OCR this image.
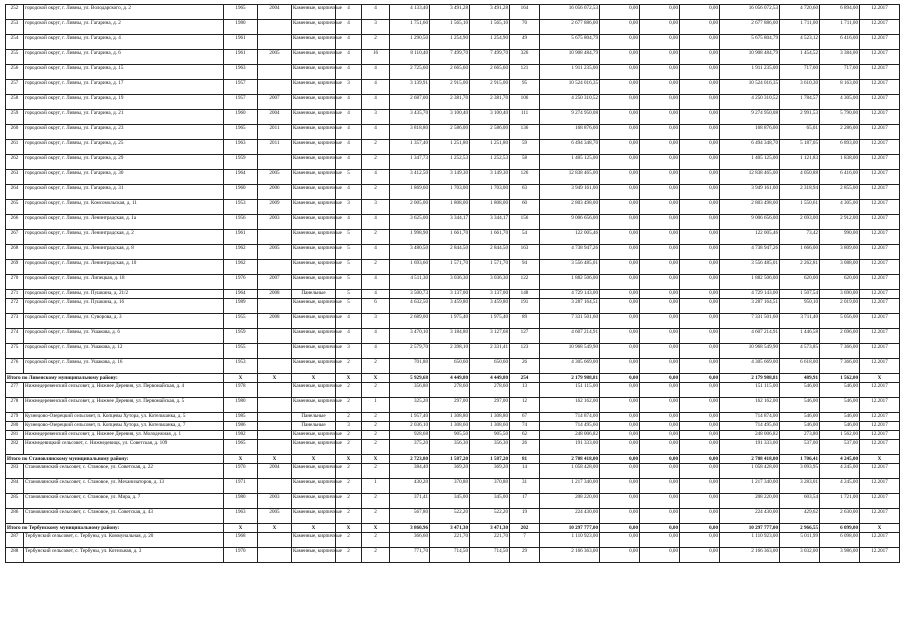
252	городской округ, г. Ливны, ул. Володарского, д. 2	1965	2004	Каменные, кирпичные	4	4	4 133,40	3 491,28	3 491,28	164	16 056 072,53	0,00	0,00	0,00	16 056 072,53	4 720,60	6 894,00	12.2017
253	городской округ, г. Ливны, ул. Гагарина, д. 2	1980		Каменные, кирпичные	4	3	1 751,60	1 565,10	1 565,10	70	2 677 886,00	0,00	0,00	0,00	2 677 886,00	1 711,00	1 711,00	12.2017
254	городской округ, г. Ливны, ул. Гагарина, д. 4	1961		Каменные, кирпичные	4	2	1 290,50	1 254,90	1 254,90	49	5 675 804,79	0,00	0,00	0,00	5 675 804,79	4 523,12	6 416,00	12.2017
255	городской округ, г. Ливны, ул. Гагарина, д. 6	1961	2005	Каменные, кирпичные	4	16	8 110,40	7 499,70	7 499,70	326	10 908 484,79	0,00	0,00	0,00	10 908 484,79	1 454,52	3 384,00	12.2017
256	городской округ, г. Ливны, ул. Гагарина, д. 15	1963		Каменные, кирпичные	4	4	2 725,60	2 665,60	2 665,60	121	1 911 235,00	0,00	0,00	0,00	1 911 235,00	717,00	717,00	12.2017
257	городской округ, г. Ливны, ул. Гагарина, д. 17	1957		Каменные, кирпичные	3	4	3 139,91	2 915,00	2 915,00	95	10 524 016,35	0,00	0,00	0,00	10 524 016,35	3 610,30	8 163,00	12.2017
258	городской округ, г. Ливны, ул. Гагарина, д. 19	1957	2007	Каменные, кирпичные	4	4	2 687,00	2 381,70	2 381,70	106	4 250 310,52	0,00	0,00	0,00	4 250 310,52	1 784,57	4 305,00	12.2017
259	городской округ, г. Ливны, ул. Гагарина, д. 21	1960	2004	Каменные, кирпичные	4	3	3 435,70	3 100,40	3 100,40	111	9 274 950,08	0,00	0,00	0,00	9 274 950,08	2 991,53	5 790,00	12.2017
260	городской округ, г. Ливны, ул. Гагарина, д. 23	1965	2011	Каменные, кирпичные	4	4	3 818,80	2 586,00	2 586,00	136	168 876,00	0,00	0,00	0,00	168 876,00	65,01	2 286,00	12.2017
261	городской округ, г. Ливны, ул. Гагарина, д. 25	1963	2011	Каменные, кирпичные	4	2	1 357,40	1 251,80	1 251,80	59	6 494 348,70	0,00	0,00	0,00	6 494 348,70	5 187,05	6 893,00	12.2017
262	городской округ, г. Ливны, ул. Гагарина, д. 29	1959		Каменные, кирпичные	4	2	1 347,73	1 252,53	1 252,53	58	1 405 125,00	0,00	0,00	0,00	1 405 125,00	1 121,83	1 838,00	12.2017
263	городской округ, г. Ливны, ул. Гагарина, д. 30	1964	2005	Каменные, кирпичные	5	4	3 412,50	3 149,30	3 149,30	126	12 838 465,00	0,00	0,00	0,00	12 838 465,00	4 050,88	6 416,00	12.2017
264	городской округ, г. Ливны, ул. Гагарина, д. 31	1960	2006	Каменные, кирпичные	4	2	1 869,60	1 703,00	1 703,00	63	3 949 161,00	0,00	0,00	0,00	3 949 161,00	2 318,94	2 855,00	12.2017
265	городской округ, г. Ливны, ул. Комсомольская, д. 11	1953	2009	Каменные, кирпичные	3	3	2 005,00	1 808,00	1 808,00	60	2 803 498,00	0,00	0,00	0,00	2 803 498,00	1 550,61	4 305,00	12.2017
266	городской округ, г. Ливны, ул. Ленинградская, д. 1а	1956	2003	Каменные, кирпичные	4	4	3 625,00	3 344,17	3 344,17	156	9 006 656,00	0,00	0,00	0,00	9 006 656,00	2 693,00	2 912,00	12.2017
267	городской округ, г. Ливны, ул. Ленинградская, д. 2	1961		Каменные, кирпичные	5	2	1 998,90	1 661,70	1 661,70	54	122 005,46	0,00	0,00	0,00	122 005,46	73,42	990,00	12.2017
268	городской округ, г. Ливны, ул. Ленинградская, д. 8	1962	2005	Каменные, кирпичные	5	4	3 480,50	2 844,50	2 844,50	163	4 738 947,26	0,00	0,00	0,00	4 738 947,26	1 666,00	3 809,00	12.2017
269	городской округ, г. Ливны, ул. Ленинградская, д. 10	1962		Каменные, кирпичные	5	2	1 693,60	1 571,70	1 571,70	94	3 556 485,01	0,00	0,00	0,00	3 556 485,01	2 262,81	3 088,00	12.2017
270	городской округ, г. Ливны, ул. Липецкая, д. 18	1976	2007	Каменные, кирпичные	5	4	4 511,30	3 036,30	3 036,30	122	1 882 506,00	0,00	0,00	0,00	1 882 506,00	620,00	620,00	12.2017
271	городской округ, г. Ливны, ул. Пушкина, д. 21/2	1964	2008	Панельные	5	4	3 500,73	3 137,00	3 137,00	148	4 729 143,00	0,00	0,00	0,00	4 729 143,00	1 507,54	3 690,00	12.2017
272	городской округ, г. Ливны, ул. Пушкина, д. 16	1989		Каменные, кирпичные	5	6	4 632,50	3 459,80	3 459,80	191	3 287 164,51	0,00	0,00	0,00	3 287 164,51	950,10	2 019,00	12.2017
273	городской округ, г. Ливны, ул. Суворова, д. 3	1955	2008	Каменные, кирпичные	4	3	2 689,00	1 975,40	1 975,40	89	7 331 501,60	0,00	0,00	0,00	7 331 501,60	3 711,40	5 056,00	12.2017
274	городской округ, г. Ливны, ул. Ушакова, д. 6	1959		Каменные, кирпичные	4	4	3 470,10	3 184,80	3 127,68	127	4 607 214,91	0,00	0,00	0,00	4 607 214,91	1 446,58	2 696,00	12.2017
275	городской округ, г. Ливны, ул. Ушакова, д. 12	1955		Каменные, кирпичные	3	4	2 579,70	2 398,10	2 331,41	123	10 968 549,90	0,00	0,00	0,00	10 968 549,90	4 573,85	7 366,00	12.2017
276	городской округ, г. Ливны, ул. Ушакова, д. 16	1953		Каменные, кирпичные	2	2	701,80	650,60	650,60	26	4 305 669,00	0,00	0,00	0,00	4 305 669,00	6 618,00	7 366,00	12.2017
Итого по Ливенскому муниципальному району:		X	X	X	X	X	5 929,68	4 449,80	4 449,80	254	2 179 988,81	0,00	0,00	0,00	2 179 988,81	489,91	1 562,00	X
277	Нижнедеревенский сельсовет, д. Нижнее Деревня, ул. Первомайская, д. 4	1978		Каменные, кирпичные	2	2	356,80	278,60	278,60	13	151 115,00	0,00	0,00	0,00	151 115,00	546,00	546,00	12.2017
278	Нижнедеревенский сельсовет, д. Нижнее Деревня, ул. Первомайская, д. 5	1980		Каменные, кирпичные	2	1	325,20	297,00	297,00	12	162 162,00	0,00	0,00	0,00	162 162,00	546,00	546,00	12.2017
279	Кузнецово-Озерецкий сельсовет, п. Копцевы Хутора, ул. Котельчанка, д. 5	1985		Панельные	2	2	1 957,40	1 308,80	1 308,80	67	714 874,00	0,00	0,00	0,00	714 874,00	546,00	546,00	12.2017
280	Кузнецово-Озерецкий сельсовет, п. Копцевы Хутора, ул. Котельчанка, д. 7	1986		Панельные	3	2	2 036,10	1 308,60	1 308,60	74	714 495,60	0,00	0,00	0,00	714 495,60	546,00	546,00	12.2017
281	Нижнедеревенский сельсовет, д. Нижнее Деревня, ул. Молодежная, д. 1	1982		Каменные, кирпичные	2	2	928,68	905,50	905,50	62	248 006,82	0,00	0,00	0,00	248 006,82	273,80	1 562,00	12.2017
282	Нижнедевицкий сельсовет, с. Нижнедевицк, ул. Советская, д. 109	1965		Каменные, кирпичные	2	2	375,20	356,30	356,30	26	191 333,00	0,00	0,00	0,00	191 333,00	537,00	537,00	12.2017
Итого по Становлянскому муниципальному району:		X	X	X	X	X	2 723,80	1 587,20	1 587,20	81	2 708 418,00	0,00	0,00	0,00	2 708 418,00	1 706,41	4 245,00	X
283	Становлянский сельсовет, с. Становое, ул. Советская, д. 22	1970	2004	Каменные, кирпичные	2	2	384,40	369,20	369,20	14	1 058 428,00	0,00	0,00	0,00	1 058 428,00	3 093,95	4 245,00	12.2017
284	Становлянский сельсовет, с. Становое, ул. Механизаторов, д. 13	1971		Каменные, кирпичные	2	1	430,20	370,80	370,80	31	1 217 340,00	0,00	0,00	0,00	1 217 340,00	3 283,01	4 245,00	12.2017
285	Становлянский сельсовет, с. Становое, ул. Мира, д. 7	1980	2003	Каменные, кирпичные	2	2	371,41	345,00	345,00	17	208 220,00	0,00	0,00	0,00	208 220,00	603,54	1 721,00	12.2017
286	Становлянский сельсовет, с. Становое, ул. Советская, д. 43	1963	2005	Каменные, кирпичные	2	2	567,80	522,20	522,20	19	224 430,00	0,00	0,00	0,00	224 430,00	429,62	2 630,00	12.2017
Итого по Тербунскому муниципальному району:		X	X	X	X	X	3 860,96	3 471,30	3 471,30	202	10 297 777,00	0,00	0,00	0,00	10 297 777,00	2 966,55	6 099,00	X
287	Тербунский сельсовет, с. Тербуны, ул. Коммунальная, д. 20	1968		Каменные, кирпичные	2	2	366,60	221,70	221,70	7	1 110 923,00	0,00	0,00	0,00	1 110 923,00	5 011,99	6 098,00	12.2017
288	Тербунский сельсовет, с. Тербуны, ул. Котельная, д. 3	1970		Каменные, кирпичные	2	2	771,70	714,50	714,50	29	2 166 363,00	0,00	0,00	0,00	2 166 363,00	3 032,00	3 986,00	12.2017
